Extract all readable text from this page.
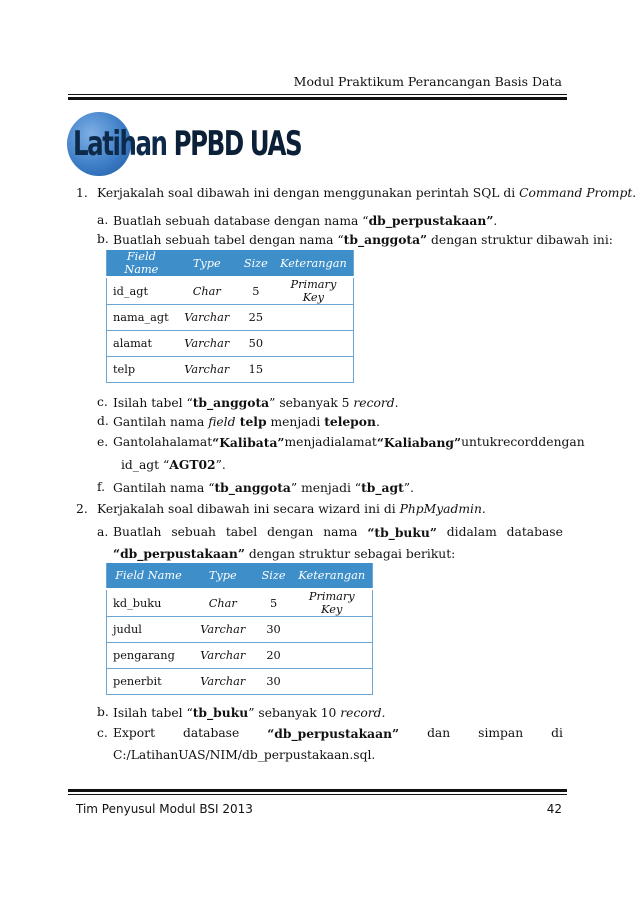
Modul Praktikum Perancangan Basis Data
Latihan PPBD UAS
1. Kerjakalah soal dibawah ini dengan menggunakan perintah SQL di Command Prompt.
a. Buatlah sebuah database dengan nama “db_perpustakaan”.
b. Buatlah sebuah tabel dengan nama “tb_anggota” dengan struktur dibawah ini:
Field Name	Type	Size	Keterangan
id_agt	Char	5	Primary Key
nama_agt	Varchar	25	
alamat	Varchar	50	
telp	Varchar	15	
c. Isilah tabel “tb_anggota” sebanyak 5 record.
d. Gantilah nama field telp menjadi telepon.
e. Gantolah alamat “Kalibata” menjadi alamat “Kaliabang” untuk record dengan
id_agt “AGT02”.
f. Gantilah nama “tb_anggota” menjadi “tb_agt”.
2. Kerjakalah soal dibawah ini secara wizard ini di PhpMyadmin.
a. Buatlah sebuah tabel dengan nama “tb_buku” didalam database
“db_perpustakaan” dengan struktur sebagai berikut:
Field Name	Type	Size	Keterangan
kd_buku	Char	5	Primary Key
judul	Varchar	30	
pengarang	Varchar	20	
penerbit	Varchar	30	
b. Isilah tabel “tb_buku” sebanyak 10 record.
c. Export database “db_perpustakaan” dan simpan di
C:/LatihanUAS/NIM/db_perpustakaan.sql.
Tim Penyusul Modul BSI 2013	42
